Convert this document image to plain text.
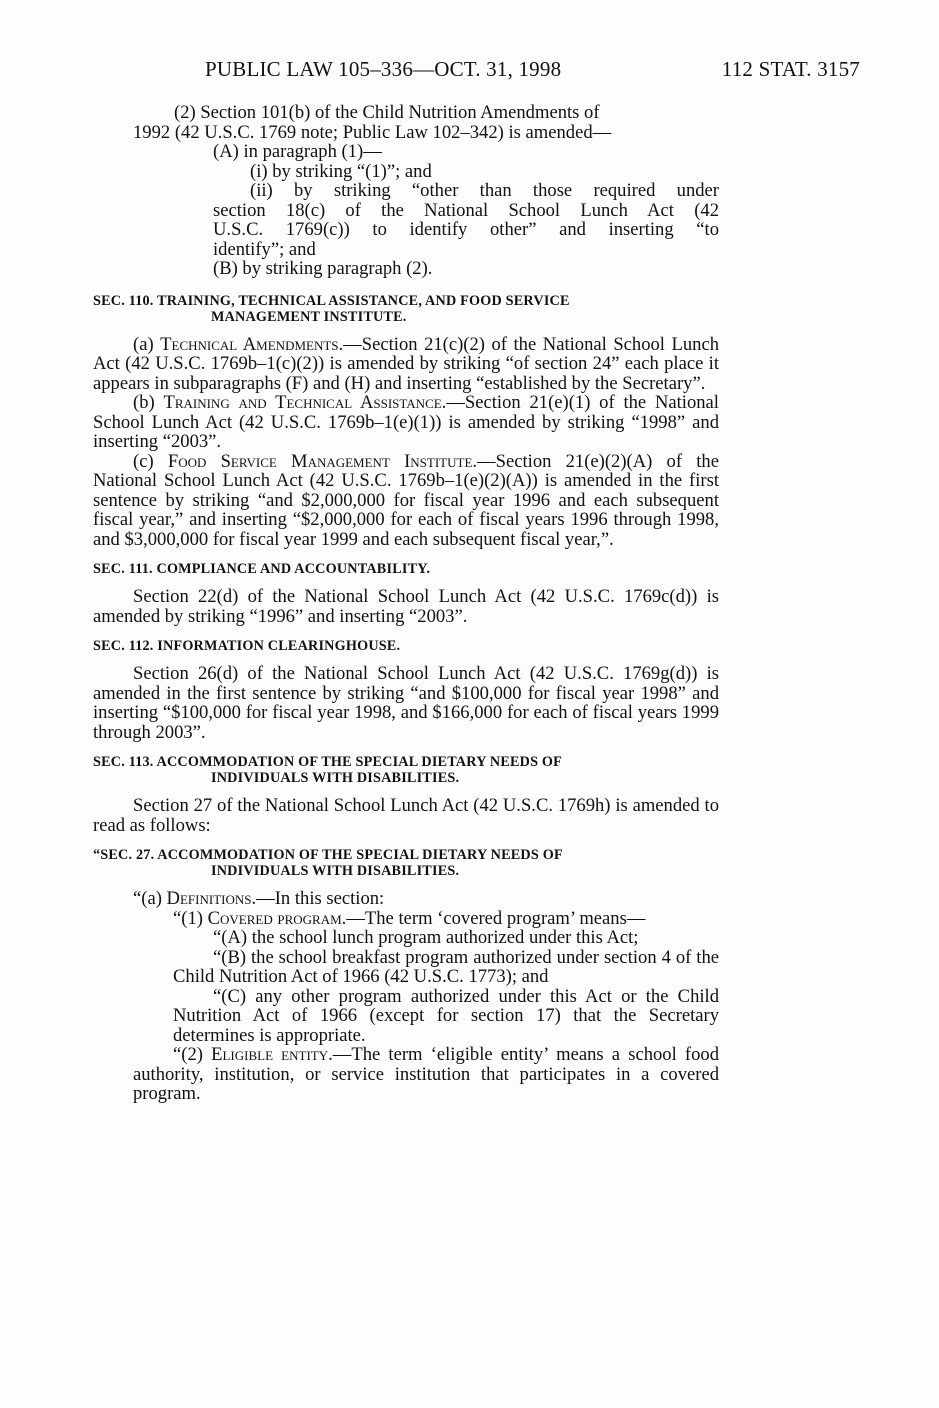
PUBLIC LAW 105–336—OCT. 31, 1998	112 STAT. 3157

(2) Section 101(b) of the Child Nutrition Amendments of

1992 (42 U.S.C. 1769 note; Public Law 102–342) is amended—

(A) in paragraph (1)—

(i) by striking “(1)”; and

(ii) by striking “other than those required under

section 18(c) of the National School Lunch Act (42

U.S.C. 1769(c)) to identify other” and inserting “to

identify”; and

(B) by striking paragraph (2).

SEC. 110. TRAINING, TECHNICAL ASSISTANCE, AND FOOD SERVICE
MANAGEMENT INSTITUTE.

(a) Technical Amendments.—Section 21(c)(2) of the National School Lunch Act (42 U.S.C. 1769b–1(c)(2)) is amended by striking “of section 24” each place it appears in subparagraphs (F) and (H) and inserting “established by the Secretary”.

(b) Training and Technical Assistance.—Section 21(e)(1) of the National School Lunch Act (42 U.S.C. 1769b–1(e)(1)) is amended by striking “1998” and inserting “2003”.

(c) Food Service Management Institute.—Section 21(e)(2)(A) of the National School Lunch Act (42 U.S.C. 1769b–1(e)(2)(A)) is amended in the first sentence by striking “and $2,000,000 for fiscal year 1996 and each subsequent fiscal year,” and inserting “$2,000,000 for each of fiscal years 1996 through 1998, and $3,000,000 for fiscal year 1999 and each subsequent fiscal year,”.

SEC. 111. COMPLIANCE AND ACCOUNTABILITY.

Section 22(d) of the National School Lunch Act (42 U.S.C. 1769c(d)) is amended by striking “1996” and inserting “2003”.

SEC. 112. INFORMATION CLEARINGHOUSE.

Section 26(d) of the National School Lunch Act (42 U.S.C. 1769g(d)) is amended in the first sentence by striking “and $100,000 for fiscal year 1998” and inserting “$100,000 for fiscal year 1998, and $166,000 for each of fiscal years 1999 through 2003”.

SEC. 113. ACCOMMODATION OF THE SPECIAL DIETARY NEEDS OF
INDIVIDUALS WITH DISABILITIES.

Section 27 of the National School Lunch Act (42 U.S.C. 1769h) is amended to read as follows:

“SEC. 27. ACCOMMODATION OF THE SPECIAL DIETARY NEEDS OF
INDIVIDUALS WITH DISABILITIES.

“(a) Definitions.—In this section:

“(1) Covered program.—The term ‘covered program’ means—

“(A) the school lunch program authorized under this Act;

“(B) the school breakfast program authorized under section 4 of the Child Nutrition Act of 1966 (42 U.S.C. 1773); and

“(C) any other program authorized under this Act or the Child Nutrition Act of 1966 (except for section 17) that the Secretary determines is appropriate.

“(2) Eligible entity.—The term ‘eligible entity’ means a school food authority, institution, or service institution that participates in a covered program.
